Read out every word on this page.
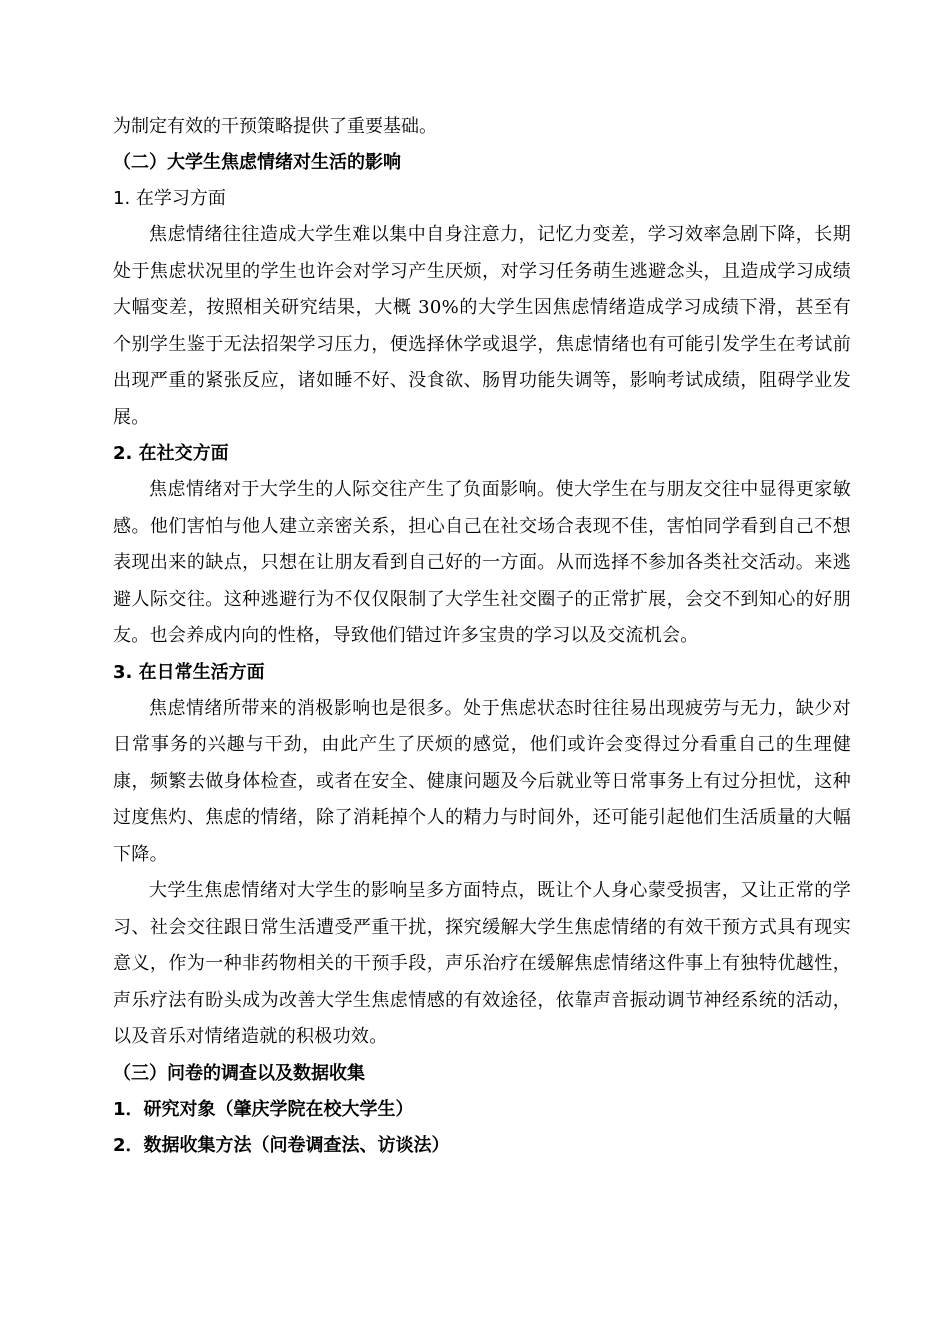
为制定有效的干预策略提供了重要基础。

（二）大学生焦虑情绪对生活的影响

1. 在学习方面

焦虑情绪往往造成大学生难以集中自身注意力，记忆力变差，学习效率急剧下降，长期处于焦虑状况里的学生也许会对学习产生厌烦，对学习任务萌生逃避念头，且造成学习成绩大幅变差，按照相关研究结果，大概 30%的大学生因焦虑情绪造成学习成绩下滑，甚至有个别学生鉴于无法招架学习压力，便选择休学或退学，焦虑情绪也有可能引发学生在考试前出现严重的紧张反应，诸如睡不好、没食欲、肠胃功能失调等，影响考试成绩，阻碍学业发展。

2. 在社交方面

焦虑情绪对于大学生的人际交往产生了负面影响。使大学生在与朋友交往中显得更家敏感。他们害怕与他人建立亲密关系，担心自己在社交场合表现不佳，害怕同学看到自己不想表现出来的缺点，只想在让朋友看到自己好的一方面。从而选择不参加各类社交活动。来逃避人际交往。这种逃避行为不仅仅限制了大学生社交圈子的正常扩展，会交不到知心的好朋友。也会养成内向的性格，导致他们错过许多宝贵的学习以及交流机会。

3. 在日常生活方面

焦虑情绪所带来的消极影响也是很多。处于焦虑状态时往往易出现疲劳与无力，缺少对日常事务的兴趣与干劲，由此产生了厌烦的感觉，他们或许会变得过分看重自己的生理健康，频繁去做身体检查，或者在安全、健康问题及今后就业等日常事务上有过分担忧，这种过度焦灼、焦虑的情绪，除了消耗掉个人的精力与时间外，还可能引起他们生活质量的大幅下降。

大学生焦虑情绪对大学生的影响呈多方面特点，既让个人身心蒙受损害，又让正常的学习、社会交往跟日常生活遭受严重干扰，探究缓解大学生焦虑情绪的有效干预方式具有现实意义，作为一种非药物相关的干预手段，声乐治疗在缓解焦虑情绪这件事上有独特优越性，声乐疗法有盼头成为改善大学生焦虑情感的有效途径，依靠声音振动调节神经系统的活动，以及音乐对情绪造就的积极功效。

（三）问卷的调查以及数据收集

1．研究对象（肇庆学院在校大学生）

2．数据收集方法（问卷调查法、访谈法）
